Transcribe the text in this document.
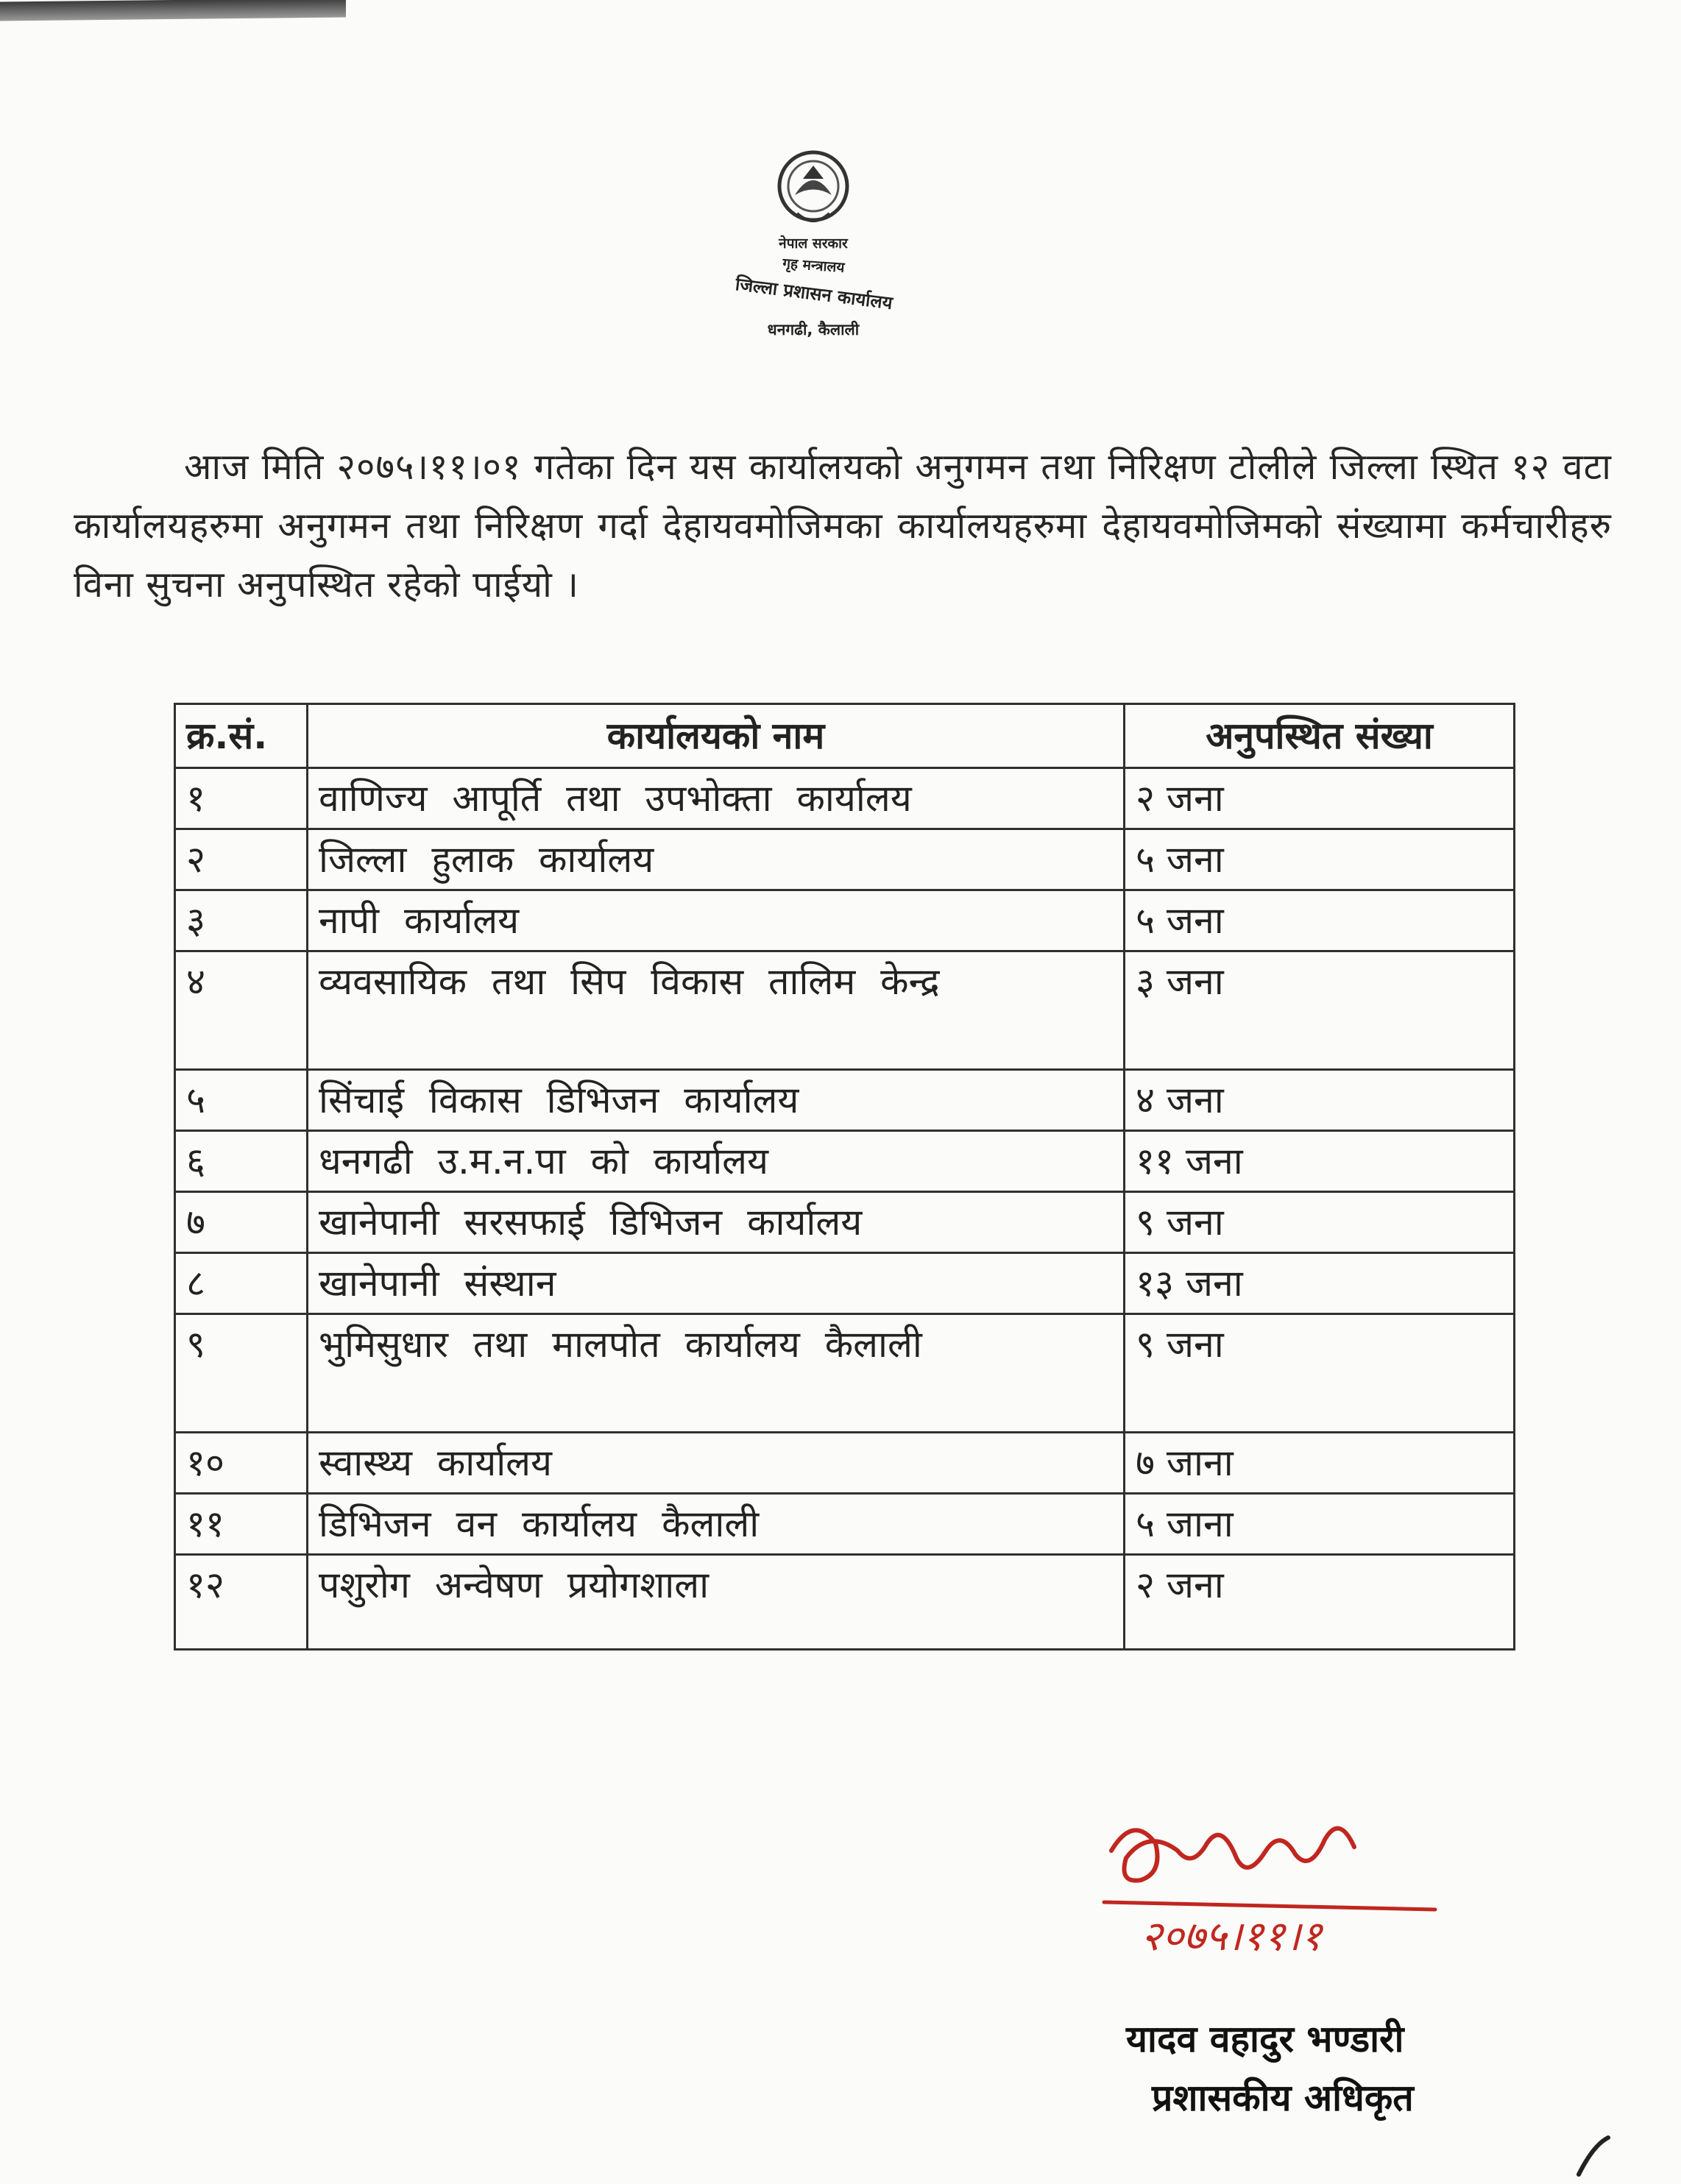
नेपाल सरकार
गृह मन्त्रालय
जिल्ला प्रशासन कार्यालय
धनगढी, कैलाली

आज मिति २०७५।११।०१ गतेका दिन यस कार्यालयको अनुगमन तथा निरिक्षण टोलीले जिल्ला स्थित १२ वटा कार्यालयहरुमा अनुगमन तथा निरिक्षण गर्दा देहायवमोजिमका कार्यालयहरुमा देहायवमोजिमको संख्यामा कर्मचारीहरु विना सुचना अनुपस्थित रहेको पाईयो ।

क्र.सं.	कार्यालयको नाम	अनुपस्थित संख्या
१	वाणिज्य आपूर्ति तथा उपभोक्ता कार्यालय	२ जना
२	जिल्ला हुलाक कार्यालय	५ जना
३	नापी कार्यालय	५ जना
४	व्यवसायिक तथा सिप विकास तालिम केन्द्र	३ जना
५	सिंचाई विकास डिभिजन कार्यालय	४ जना
६	धनगढी उ.म.न.पा को कार्यालय	११ जना
७	खानेपानी सरसफाई डिभिजन कार्यालय	९ जना
८	खानेपानी संस्थान	१३ जना
९	भुमिसुधार तथा मालपोत कार्यालय कैलाली	९ जना
१०	स्वास्थ्य कार्यालय	७ जाना
११	डिभिजन वन कार्यालय कैलाली	५ जाना
१२	पशुरोग अन्वेषण प्रयोगशाला	२ जना
२०७५।११।१

यादव वहादुर भण्डारी

प्रशासकीय अधिकृत
